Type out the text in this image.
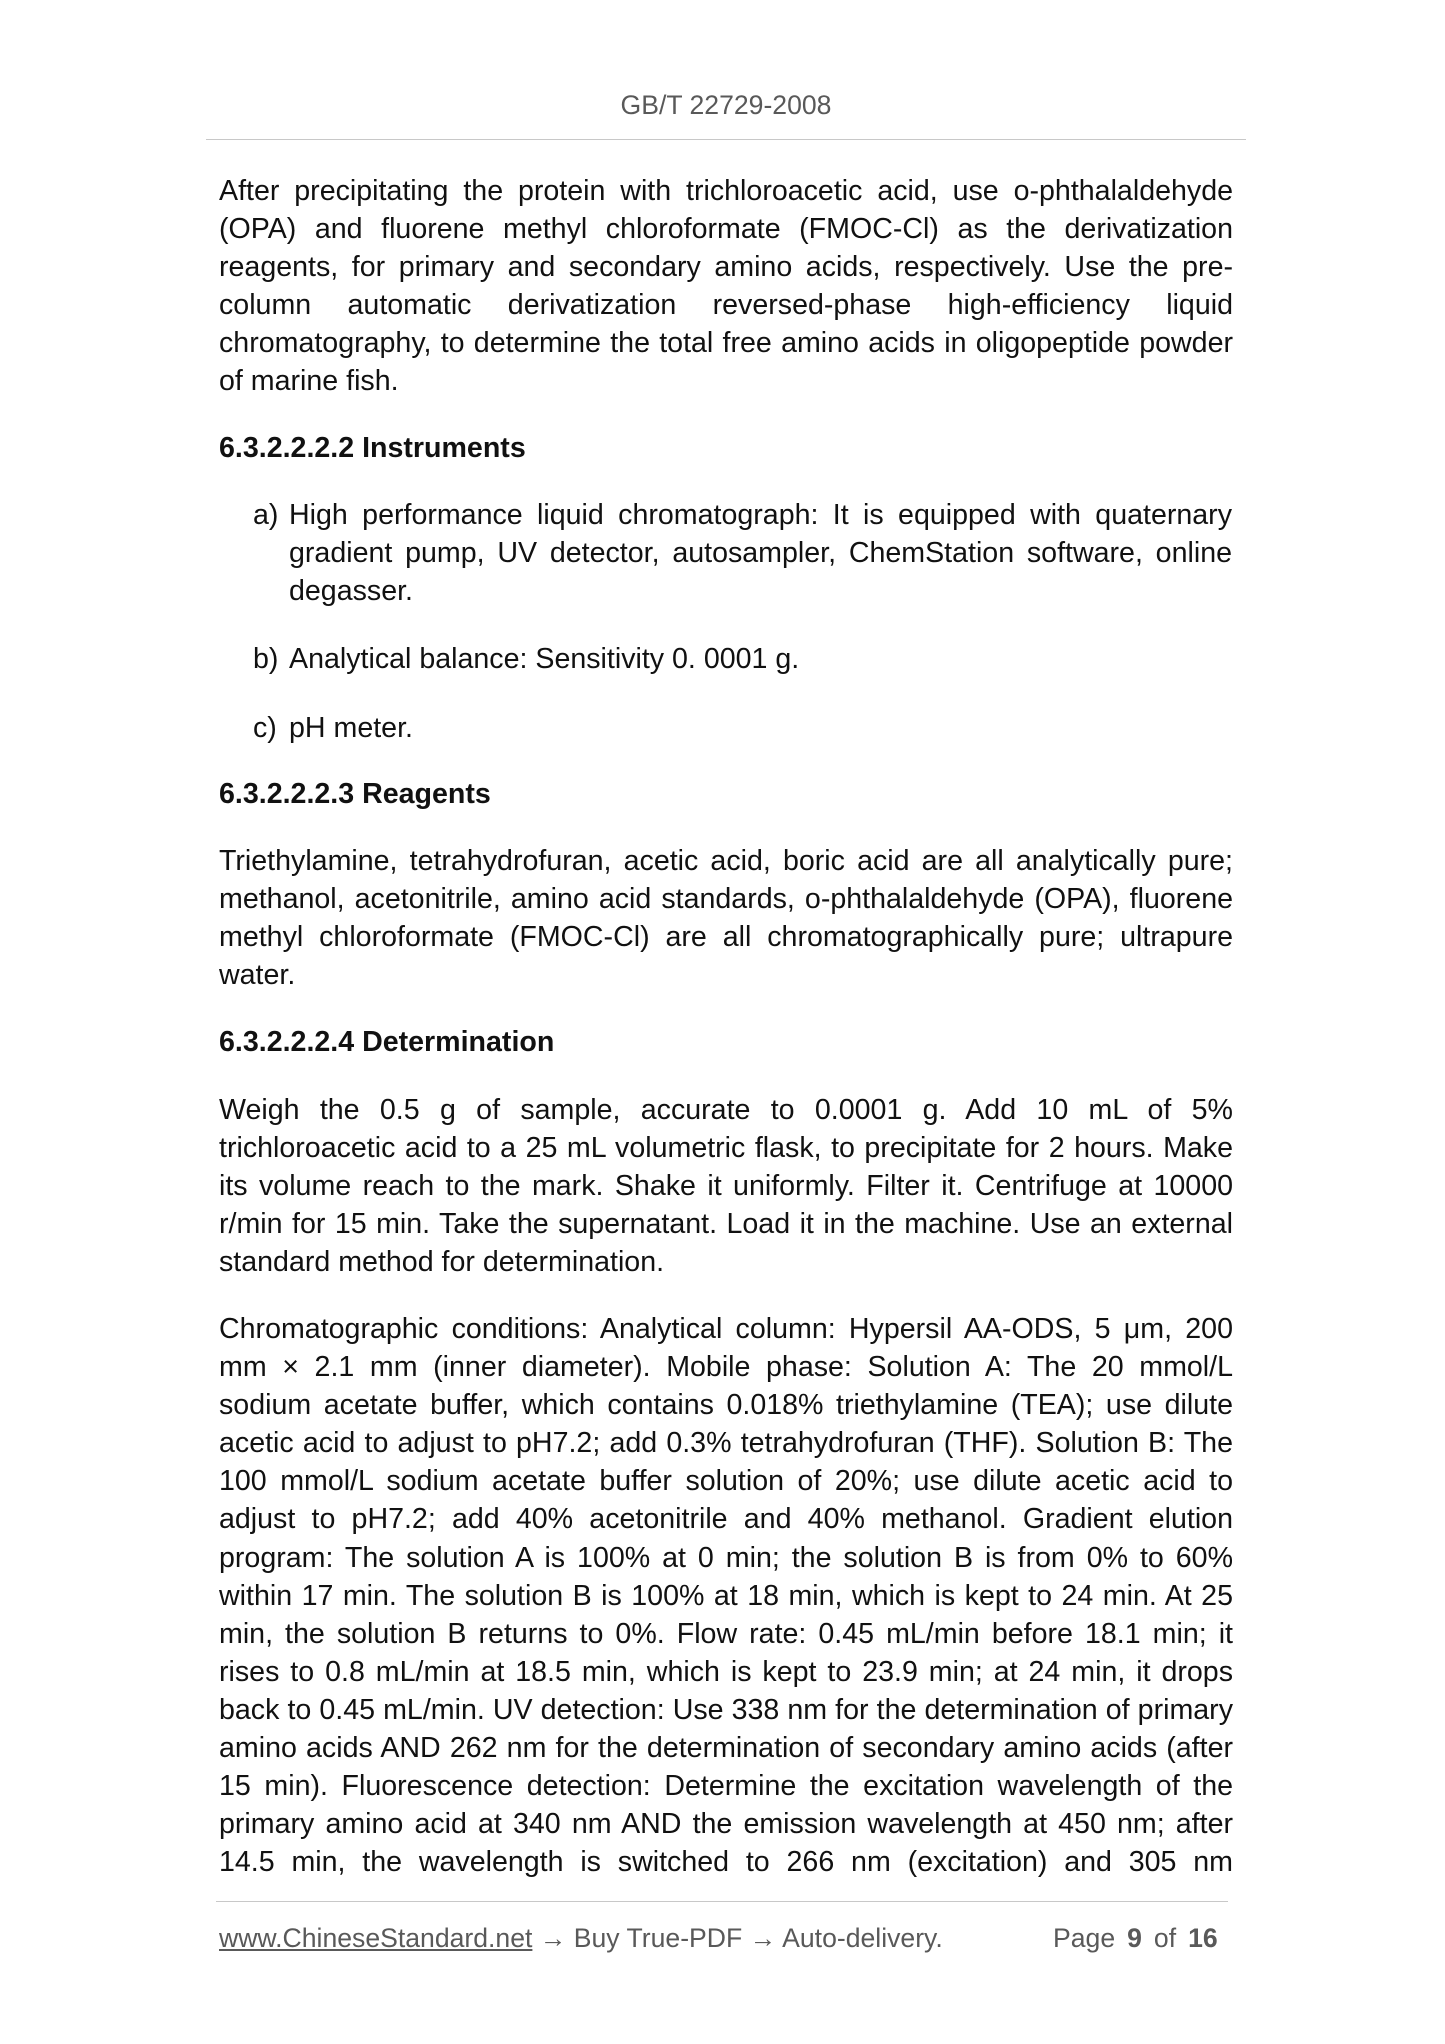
GB/T 22729-2008
After precipitating the protein with trichloroacetic acid, use o-phthalaldehyde
(OPA) and fluorene methyl chloroformate (FMOC-Cl) as the derivatization
reagents, for primary and secondary amino acids, respectively. Use the pre-
column automatic derivatization reversed-phase high-efficiency liquid
chromatography, to determine the total free amino acids in oligopeptide powder
of marine fish.
6.3.2.2.2.2 Instruments
a) High performance liquid chromatograph: It is equipped with quaternary
gradient pump, UV detector, autosampler, ChemStation software, online
degasser.
b) Analytical balance: Sensitivity 0. 0001 g.
c) pH meter.
6.3.2.2.2.3 Reagents
Triethylamine, tetrahydrofuran, acetic acid, boric acid are all analytically pure;
methanol, acetonitrile, amino acid standards, o-phthalaldehyde (OPA), fluorene
methyl chloroformate (FMOC-Cl) are all chromatographically pure; ultrapure
water.
6.3.2.2.2.4 Determination
Weigh the 0.5 g of sample, accurate to 0.0001 g. Add 10 mL of 5%
trichloroacetic acid to a 25 mL volumetric flask, to precipitate for 2 hours. Make
its volume reach to the mark. Shake it uniformly. Filter it. Centrifuge at 10000
r/min for 15 min. Take the supernatant. Load it in the machine. Use an external
standard method for determination.
Chromatographic conditions: Analytical column: Hypersil AA-ODS, 5 μm, 200
mm × 2.1 mm (inner diameter). Mobile phase: Solution A: The 20 mmol/L
sodium acetate buffer, which contains 0.018% triethylamine (TEA); use dilute
acetic acid to adjust to pH7.2; add 0.3% tetrahydrofuran (THF). Solution B: The
100 mmol/L sodium acetate buffer solution of 20%; use dilute acetic acid to
adjust to pH7.2; add 40% acetonitrile and 40% methanol. Gradient elution
program: The solution A is 100% at 0 min; the solution B is from 0% to 60%
within 17 min. The solution B is 100% at 18 min, which is kept to 24 min. At 25
min, the solution B returns to 0%. Flow rate: 0.45 mL/min before 18.1 min; it
rises to 0.8 mL/min at 18.5 min, which is kept to 23.9 min; at 24 min, it drops
back to 0.45 mL/min. UV detection: Use 338 nm for the determination of primary
amino acids AND 262 nm for the determination of secondary amino acids (after
15 min). Fluorescence detection: Determine the excitation wavelength of the
primary amino acid at 340 nm AND the emission wavelength at 450 nm; after
14.5 min, the wavelength is switched to 266 nm (excitation) and 305 nm
www.ChineseStandard.net → Buy True-PDF → Auto-delivery.	Page 9 of 16
